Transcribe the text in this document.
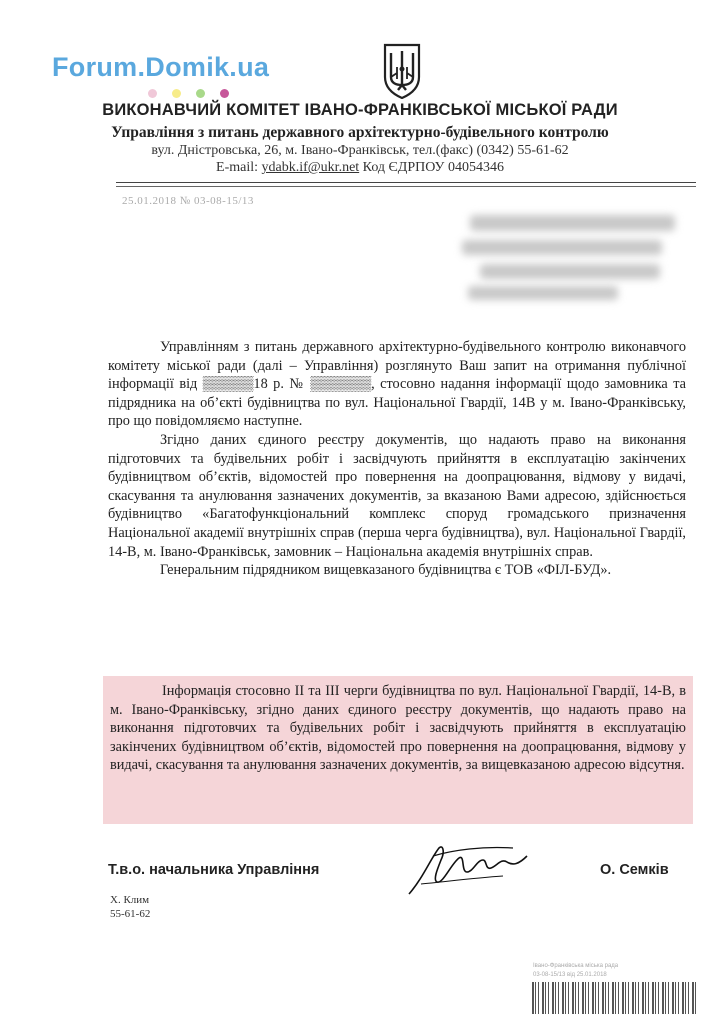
Forum.Domik.ua
ВИКОНАВЧИЙ КОМІТЕТ ІВАНО-ФРАНКІВСЬКОЇ МІСЬКОЇ РАДИ
Управління з питань державного архітектурно-будівельного контролю
вул. Дністровська, 26, м. Івано-Франківськ, тел.(факс) (0342) 55-61-62
E-mail: ydabk.if@ukr.net Код ЄДРПОУ 04054346
25.01.2018 № 03-08-15/13

Управлінням з питань державного архітектурно-будівельного контролю виконавчого комітету міської ради (далі – Управління) розглянуто Ваш запит на отримання публічної інформації від ▒▒▒▒▒18 р. № ▒▒▒▒▒▒, стосовно надання інформації щодо замовника та підрядника на об’єкті будівництва по вул. Національної Гвардії, 14В у м. Івано-Франківську, про що повідомляємо наступне.

Згідно даних єдиного реєстру документів, що надають право на виконання підготовчих та будівельних робіт і засвідчують прийняття в експлуатацію закінчених будівництвом об’єктів, відомостей про повернення на доопрацювання, відмову у видачі, скасування та анулювання зазначених документів, за вказаною Вами адресою, здійснюється будівництво «Багатофункціональний комплекс споруд громадського призначення Національної академії внутрішніх справ (перша черга будівництва), вул. Національної Гвардії, 14-В, м. Івано-Франківськ, замовник – Національна академія внутрішніх справ.

Генеральним підрядником вищевказаного будівництва є ТОВ «ФІЛ-БУД».

Інформація стосовно ІІ та ІІІ черги будівництва по вул. Національної Гвардії, 14-В, в м. Івано-Франківську, згідно даних єдиного реєстру документів, що надають право на виконання підготовчих та будівельних робіт і засвідчують прийняття в експлуатацію закінчених будівництвом об’єктів, відомостей про повернення на доопрацювання, відмову у видачі, скасування та анулювання зазначених документів, за вищевказаною адресою відсутня.

Т.в.о. начальника Управління	О. Семків
Х. Клим
55-61-62
Івано-Франківська міська рада
03-08-15/13 від 25.01.2018
